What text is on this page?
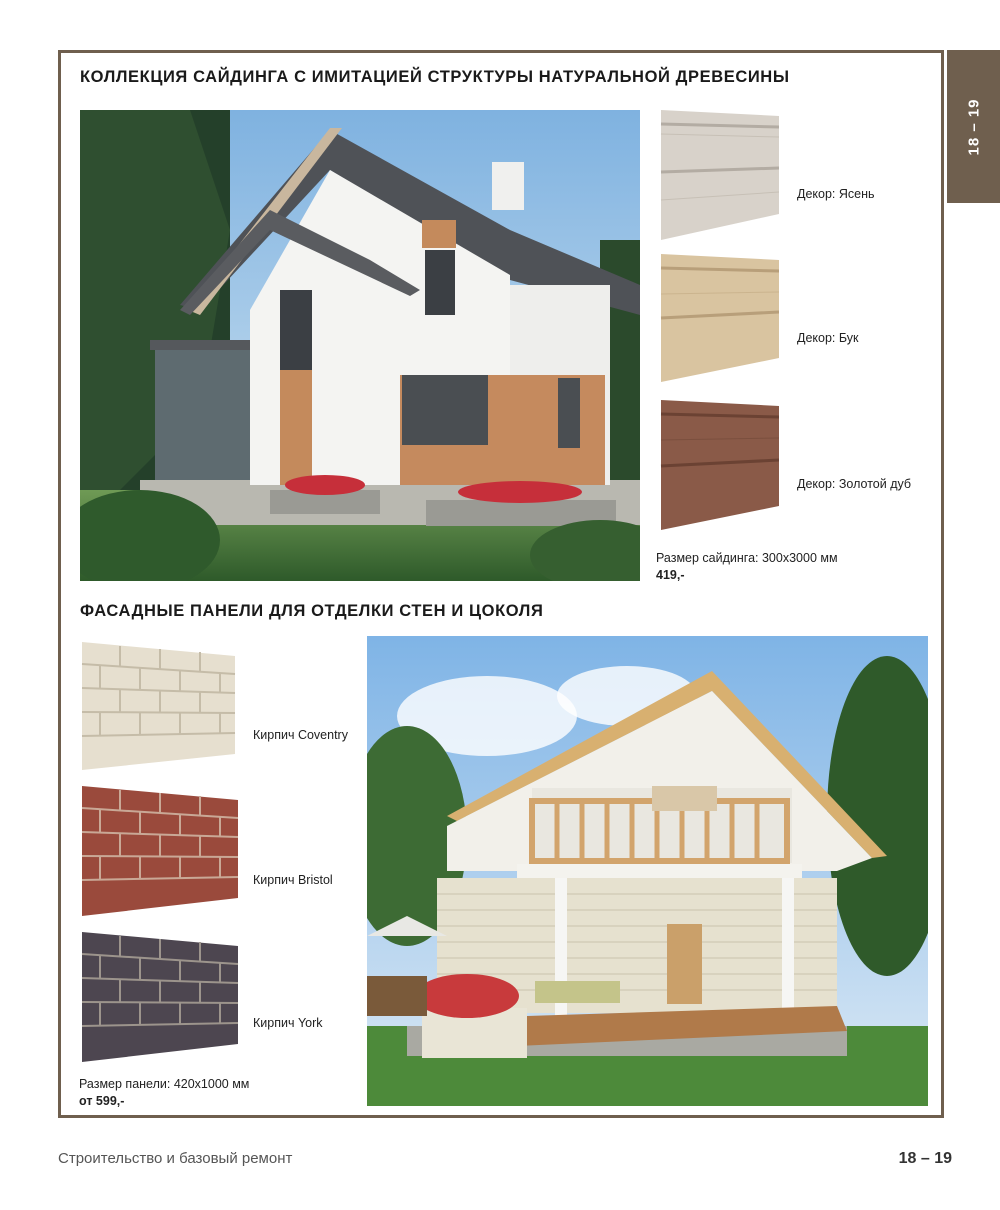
18 – 19
КОЛЛЕКЦИЯ САЙДИНГА С ИМИТАЦИЕЙ СТРУКТУРЫ НАТУРАЛЬНОЙ ДРЕВЕСИНЫ
Декор: Ясень
Декор: Бук
Декор: Золотой дуб
Размер сайдинга: 300х3000 мм
419,-
ФАСАДНЫЕ ПАНЕЛИ ДЛЯ ОТДЕЛКИ СТЕН И ЦОКОЛЯ
Кирпич Coventry
Кирпич Bristol
Кирпич York
Размер панели: 420х1000 мм
от 599,-
Строительство и базовый ремонт	18 – 19
